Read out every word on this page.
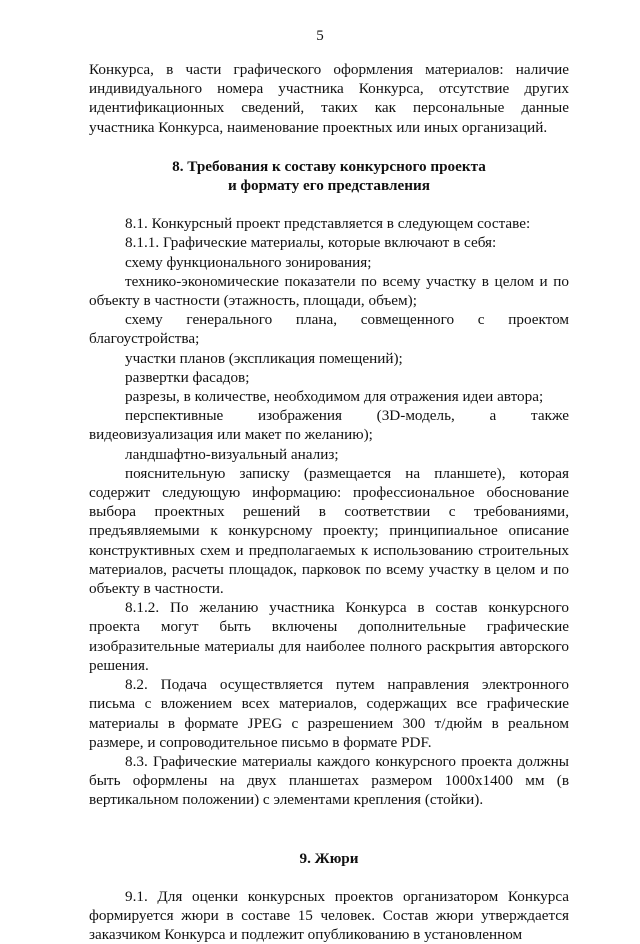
5

Конкурса, в части графического оформления материалов: наличие индивидуального номера участника Конкурса, отсутствие других идентификационных сведений, таких как персональные данные участника Конкурса, наименование проектных или иных организаций.

8. Требования к составу конкурсного проекта
и формату его представления

8.1. Конкурсный проект представляется в следующем составе:

8.1.1. Графические материалы, которые включают в себя:

схему функционального зонирования;

технико-экономические показатели по всему участку в целом и по объекту в частности (этажность, площади, объем);

схему генерального плана, совмещенного с проектом благоустройства;

участки планов (экспликация помещений);

развертки фасадов;

разрезы, в количестве, необходимом для отражения идеи автора;

перспективные изображения (3D-модель, а также видеовизуализация или макет по желанию);

ландшафтно-визуальный анализ;

пояснительную записку (размещается на планшете), которая содержит следующую информацию: профессиональное обоснование выбора проектных решений в соответствии с требованиями, предъявляемыми к конкурсному проекту; принципиальное описание конструктивных схем и предполагаемых к использованию строительных материалов, расчеты площадок, парковок по всему участку в целом и по объекту в частности.

8.1.2. По желанию участника Конкурса в состав конкурсного проекта могут быть включены дополнительные графические изобразительные материалы для наиболее полного раскрытия авторского решения.

8.2. Подача осуществляется путем направления электронного письма с вложением всех материалов, содержащих все графические материалы в формате JPEG с разрешением 300 т/дюйм в реальном размере, и сопроводительное письмо в формате PDF.

8.3. Графические материалы каждого конкурсного проекта должны быть оформлены на двух планшетах размером 1000x1400 мм (в вертикальном положении) с элементами крепления (стойки).

9. Жюри

9.1. Для оценки конкурсных проектов организатором Конкурса формируется жюри в составе 15 человек. Состав жюри утверждается заказчиком Конкурса и подлежит опубликованию в установленном
